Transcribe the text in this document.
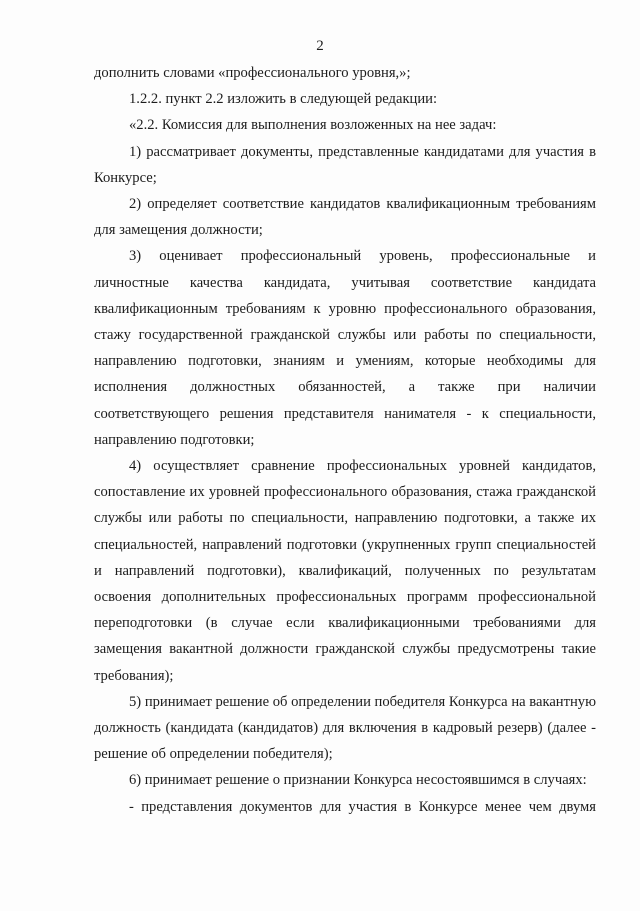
2

дополнить словами «профессионального уровня,»;

1.2.2. пункт 2.2 изложить в следующей редакции:

«2.2. Комиссия для выполнения возложенных на нее задач:

1) рассматривает документы, представленные кандидатами для участия в Конкурсе;

2) определяет соответствие кандидатов квалификационным требованиям для замещения должности;

3) оценивает профессиональный уровень, профессиональные и личностные качества кандидата, учитывая соответствие кандидата квалификационным требованиям к уровню профессионального образования, стажу государственной гражданской службы или работы по специальности, направлению подготовки, знаниям и умениям, которые необходимы для исполнения должностных обязанностей, а также при наличии соответствующего решения представителя нанимателя - к специальности, направлению подготовки;

4) осуществляет сравнение профессиональных уровней кандидатов, сопоставление их уровней профессионального образования, стажа гражданской службы или работы по специальности, направлению подготовки, а также их специальностей, направлений подготовки (укрупненных групп специальностей и направлений подготовки), квалификаций, полученных по результатам освоения дополнительных профессиональных программ профессиональной переподготовки (в случае если квалификационными требованиями для замещения вакантной должности гражданской службы предусмотрены такие требования);

5) принимает решение об определении победителя Конкурса на вакантную должность (кандидата (кандидатов) для включения в кадровый резерв) (далее - решение об определении победителя);

6) принимает решение о признании Конкурса несостоявшимся в случаях:

- представления документов для участия в Конкурсе менее чем двумя
